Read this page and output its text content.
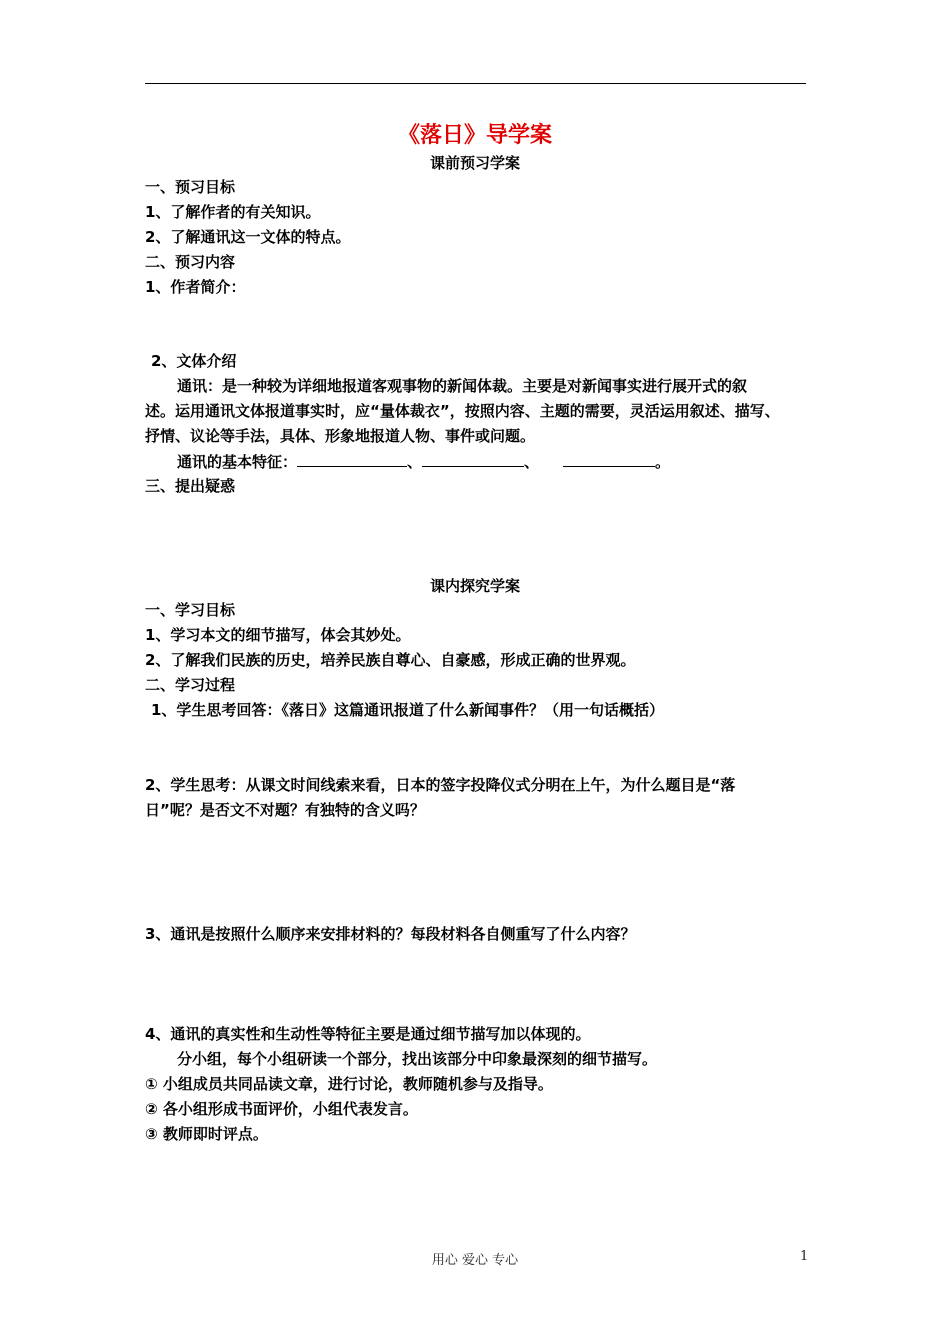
《落日》导学案
课前预习学案
一、预习目标
1、了解作者的有关知识。
2、了解通讯这一文体的特点。
二、预习内容
1、作者简介：
2、文体介绍
通讯：是一种较为详细地报道客观事物的新闻体裁。主要是对新闻事实进行展开式的叙
述。运用通讯文体报道事实时，应“量体裁衣”，按照内容、主题的需要，灵活运用叙述、描写、
抒情、议论等手法，具体、形象地报道人物、事件或问题。
通讯的基本特征：	、	、	。
三、提出疑惑
课内探究学案
一、学习目标
1、学习本文的细节描写，体会其妙处。
2、了解我们民族的历史，培养民族自尊心、自豪感，形成正确的世界观。
二、学习过程
1、学生思考回答：《落日》这篇通讯报道了什么新闻事件？（用一句话概括）
2、学生思考：从课文时间线索来看，日本的签字投降仪式分明在上午，为什么题目是“落
日”呢？是否文不对题？有独特的含义吗？
3、通讯是按照什么顺序来安排材料的？每段材料各自侧重写了什么内容？
4、通讯的真实性和生动性等特征主要是通过细节描写加以体现的。
分小组，每个小组研读一个部分，找出该部分中印象最深刻的细节描写。
① 小组成员共同品读文章，进行讨论，教师随机参与及指导。
② 各小组形成书面评价，小组代表发言。
③ 教师即时评点。
用心 爱心 专心	1
